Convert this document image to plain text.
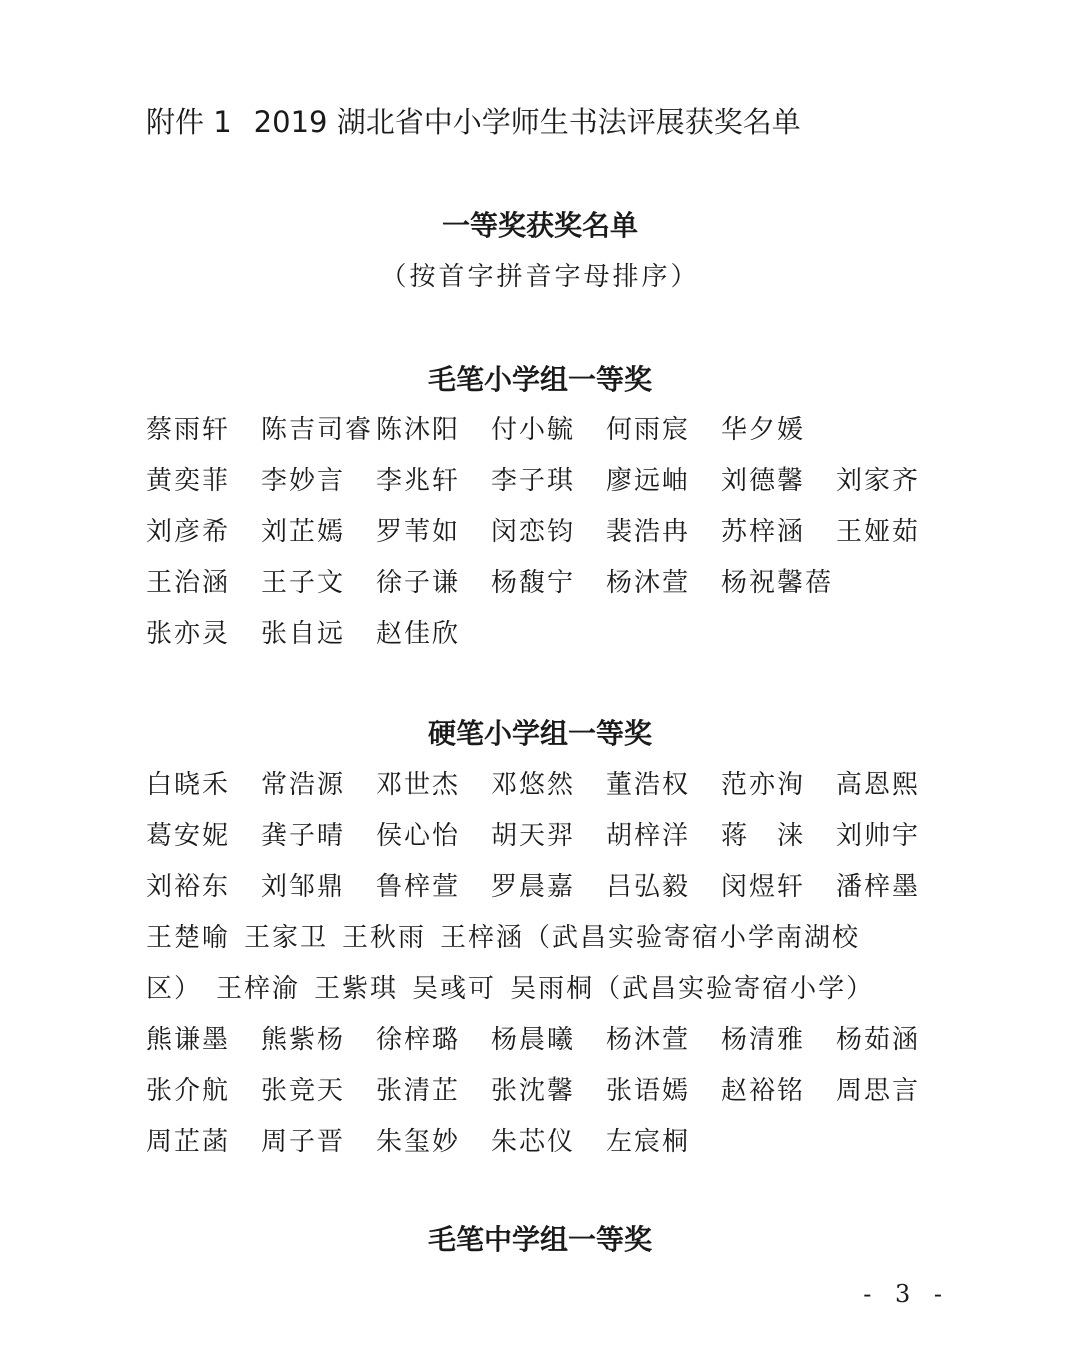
附件 1 2019 湖北省中小学师生书法评展获奖名单
一等奖获奖名单
（按首字拼音字母排序）
毛笔小学组一等奖
蔡雨轩	陈吉司睿 陈沐阳	付小毓	何雨宸	华夕媛
黄奕菲	李妙言	李兆轩	李子琪	廖远岫	刘德馨	刘家齐
刘彦希	刘芷嫣	罗苇如	闵恋钧	裴浩冉	苏梓涵	王娅茹
王治涵	王子文	徐子谦	杨馥宁	杨沐萱	杨祝馨蓓
张亦灵	张自远	赵佳欣
硬笔小学组一等奖
白晓禾	常浩源	邓世杰	邓悠然	董浩权	范亦洵	高恩熙
葛安妮	龚子晴	侯心怡	胡天羿	胡梓洋	蒋　涞	刘帅宇
刘裕东	刘邹鼎	鲁梓萱	罗晨嘉	吕弘毅	闵煜轩	潘梓墨
王楚喻 王家卫 王秋雨 王梓涵（武昌实验寄宿小学南湖校
区） 王梓渝 王紫琪 吴彧可 吴雨桐（武昌实验寄宿小学）
熊谦墨	熊紫杨	徐梓璐	杨晨曦	杨沐萱	杨清雅	杨茹涵
张介航	张竞天	张清芷	张沈馨	张语嫣	赵裕铭	周思言
周芷菡	周子晋	朱玺妙	朱芯仪	左宸桐
毛笔中学组一等奖
- 3 -
